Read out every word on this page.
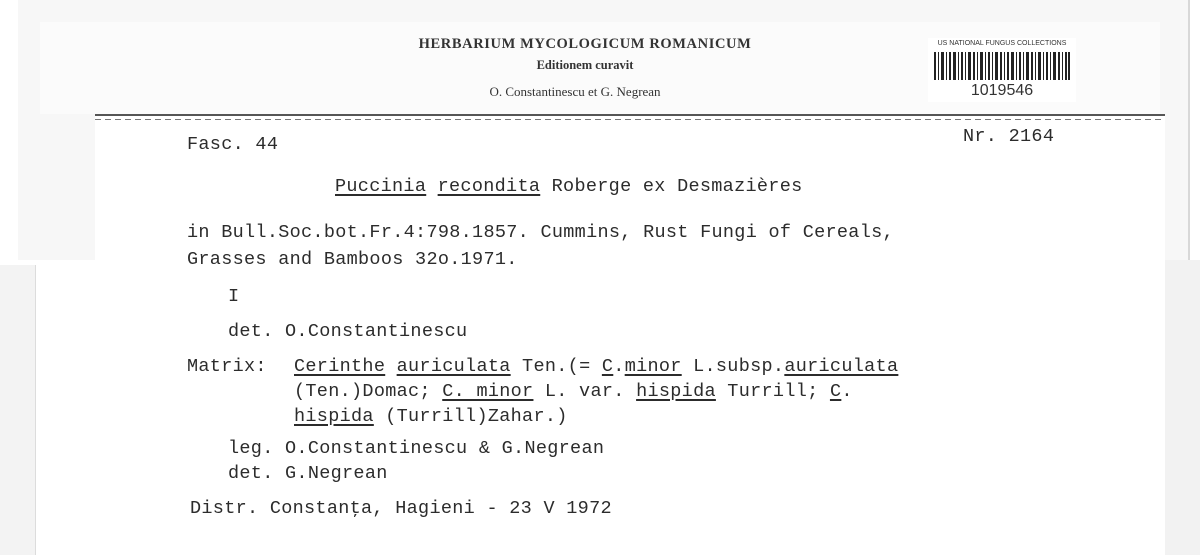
HERBARIUM MYCOLOGICUM ROMANICUM
Editionem curavit
O. Constantinescu et G. Negrean
US NATIONAL FUNGUS COLLECTIONS
1019546
Fasc. 44	Nr. 2164
Puccinia recondita Roberge ex Desmazières
in Bull.Soc.bot.Fr.4:798.1857. Cummins, Rust Fungi of Cereals,
Grasses and Bamboos 32o.1971.
I
det. O.Constantinescu
Matrix: Cerinthe auriculata Ten.(= C.minor L.subsp.auriculata
(Ten.)Domac; C. minor L. var. hispida Turrill; C.
hispida (Turrill)Zahar.)
leg. O.Constantinescu & G.Negrean
det. G.Negrean
Distr. Constanţa, Hagieni - 23 V 1972
